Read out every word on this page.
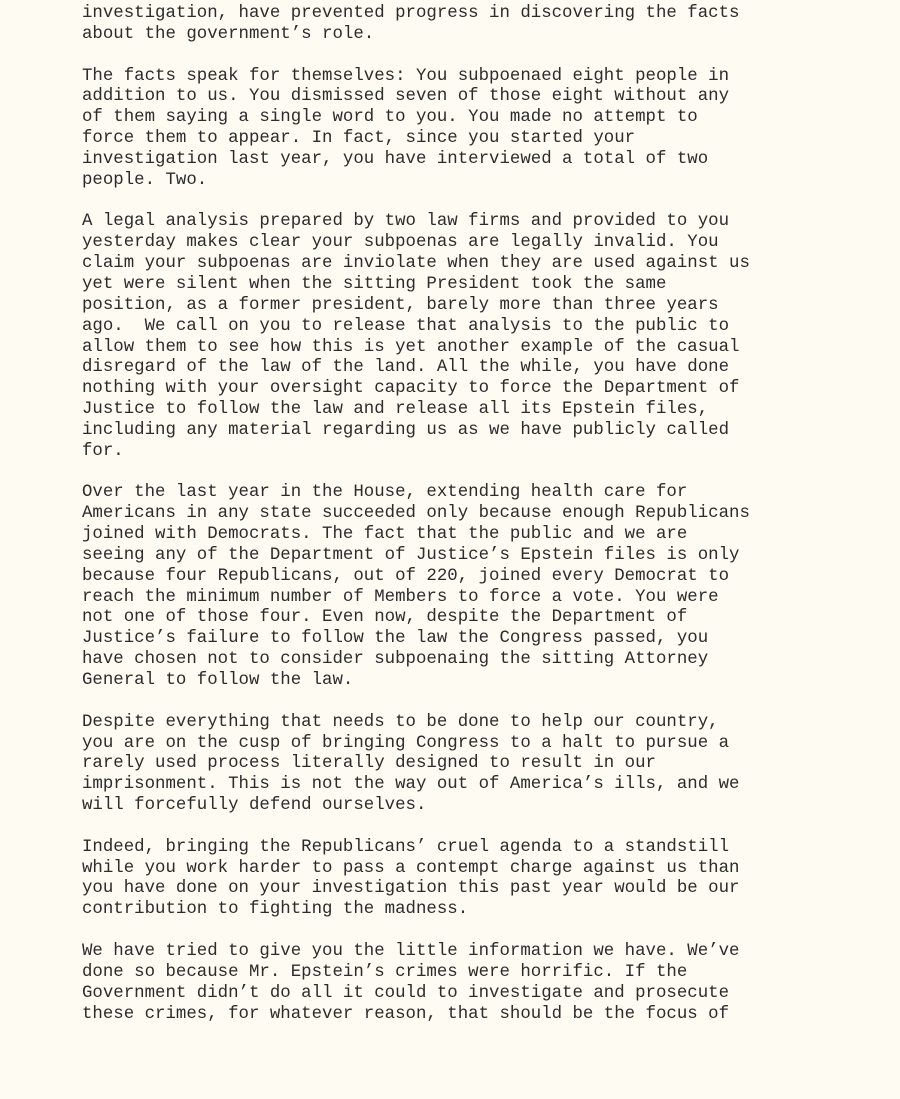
investigation, have prevented progress in discovering the facts
about the government’s role.
The facts speak for themselves: You subpoenaed eight people in
addition to us. You dismissed seven of those eight without any
of them saying a single word to you. You made no attempt to
force them to appear. In fact, since you started your
investigation last year, you have interviewed a total of two
people. Two.
A legal analysis prepared by two law firms and provided to you
yesterday makes clear your subpoenas are legally invalid. You
claim your subpoenas are inviolate when they are used against us
yet were silent when the sitting President took the same
position, as a former president, barely more than three years
ago.  We call on you to release that analysis to the public to
allow them to see how this is yet another example of the casual
disregard of the law of the land. All the while, you have done
nothing with your oversight capacity to force the Department of
Justice to follow the law and release all its Epstein files,
including any material regarding us as we have publicly called
for.
Over the last year in the House, extending health care for
Americans in any state succeeded only because enough Republicans
joined with Democrats. The fact that the public and we are
seeing any of the Department of Justice’s Epstein files is only
because four Republicans, out of 220, joined every Democrat to
reach the minimum number of Members to force a vote. You were
not one of those four. Even now, despite the Department of
Justice’s failure to follow the law the Congress passed, you
have chosen not to consider subpoenaing the sitting Attorney
General to follow the law.
Despite everything that needs to be done to help our country,
you are on the cusp of bringing Congress to a halt to pursue a
rarely used process literally designed to result in our
imprisonment. This is not the way out of America’s ills, and we
will forcefully defend ourselves.
Indeed, bringing the Republicans’ cruel agenda to a standstill
while you work harder to pass a contempt charge against us than
you have done on your investigation this past year would be our
contribution to fighting the madness.
We have tried to give you the little information we have. We’ve
done so because Mr. Epstein’s crimes were horrific. If the
Government didn’t do all it could to investigate and prosecute
these crimes, for whatever reason, that should be the focus of
